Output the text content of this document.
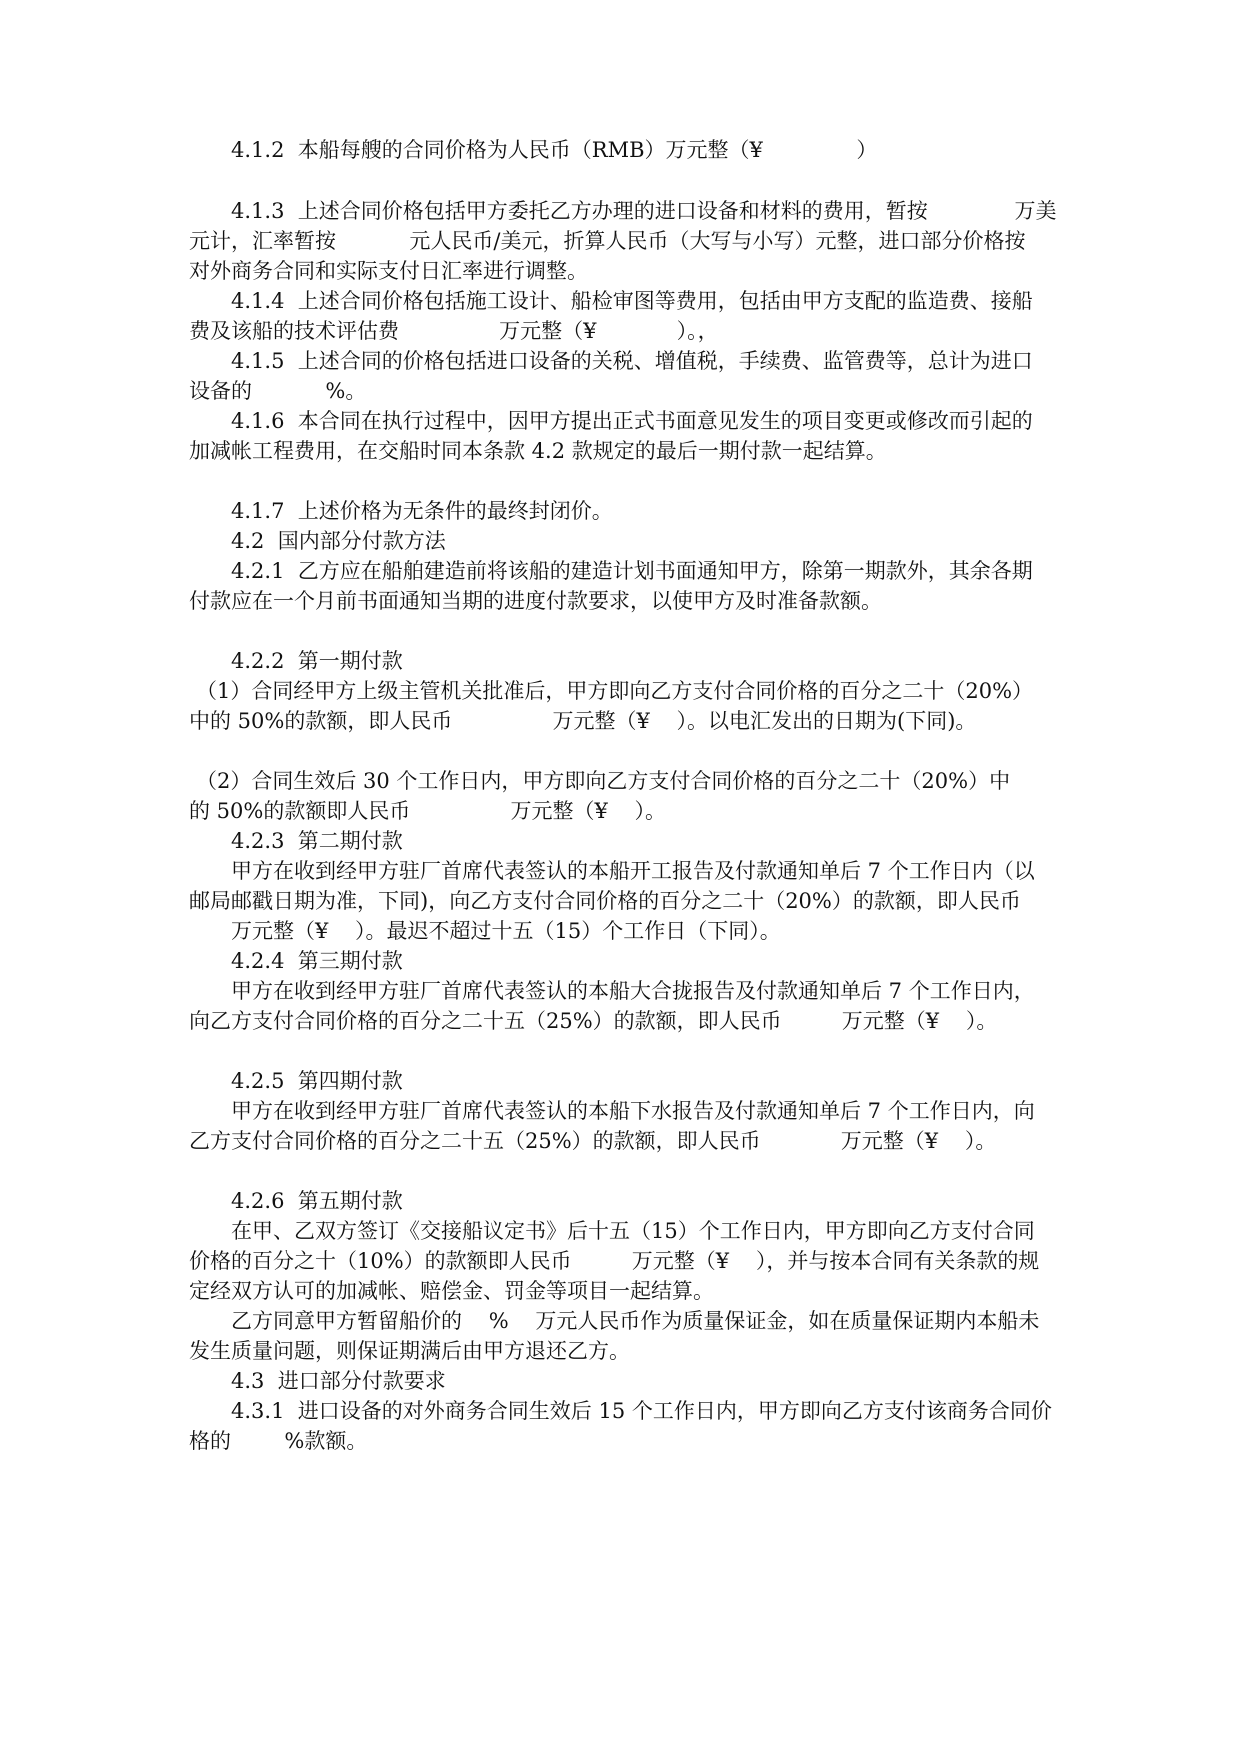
4.1.2  本船每艘的合同价格为人民币（RMB）万元整（¥              ）
4.1.3  上述合同价格包括甲方委托乙方办理的进口设备和材料的费用，暂按             万美
元计，汇率暂按           元人民币/美元，折算人民币（大写与小写）元整，进口部分价格按
对外商务合同和实际支付日汇率进行调整。
4.1.4  上述合同价格包括施工设计、船检审图等费用，包括由甲方支配的监造费、接船
费及该船的技术评估费               万元整（¥            ）。，
4.1.5  上述合同的价格包括进口设备的关税、增值税，手续费、监管费等，总计为进口
设备的           %。
4.1.6  本合同在执行过程中，因甲方提出正式书面意见发生的项目变更或修改而引起的
加减帐工程费用，在交船时同本条款 4.2 款规定的最后一期付款一起结算。
4.1.7  上述价格为无条件的最终封闭价。
4.2  国内部分付款方法
4.2.1  乙方应在船舶建造前将该船的建造计划书面通知甲方，除第一期款外，其余各期
付款应在一个月前书面通知当期的进度付款要求，以使甲方及时准备款额。
4.2.2  第一期付款
（1）合同经甲方上级主管机关批准后，甲方即向乙方支付合同价格的百分之二十（20%）
中的 50%的款额，即人民币               万元整（¥    ）。以电汇发出的日期为(下同)。
（2）合同生效后 30 个工作日内，甲方即向乙方支付合同价格的百分之二十（20%）中
的 50%的款额即人民币               万元整（¥    ）。
4.2.3  第二期付款
甲方在收到经甲方驻厂首席代表签认的本船开工报告及付款通知单后 7 个工作日内（以
邮局邮戳日期为准，下同)，向乙方支付合同价格的百分之二十（20%）的款额，即人民币
万元整（¥    ）。最迟不超过十五（15）个工作日（下同）。
4.2.4  第三期付款
甲方在收到经甲方驻厂首席代表签认的本船大合拢报告及付款通知单后 7 个工作日内，
向乙方支付合同价格的百分之二十五（25%）的款额，即人民币         万元整（¥    ）。
4.2.5  第四期付款
甲方在收到经甲方驻厂首席代表签认的本船下水报告及付款通知单后 7 个工作日内，向
乙方支付合同价格的百分之二十五（25%）的款额，即人民币            万元整（¥    ）。
4.2.6  第五期付款
在甲、乙双方签订《交接船议定书》后十五（15）个工作日内，甲方即向乙方支付合同
价格的百分之十（10%）的款额即人民币         万元整（¥    ），并与按本合同有关条款的规
定经双方认可的加减帐、赔偿金、罚金等项目一起结算。
乙方同意甲方暂留船价的    %    万元人民币作为质量保证金，如在质量保证期内本船未
发生质量问题，则保证期满后由甲方退还乙方。
4.3  进口部分付款要求
4.3.1  进口设备的对外商务合同生效后 15 个工作日内，甲方即向乙方支付该商务合同价
格的        %款额。
